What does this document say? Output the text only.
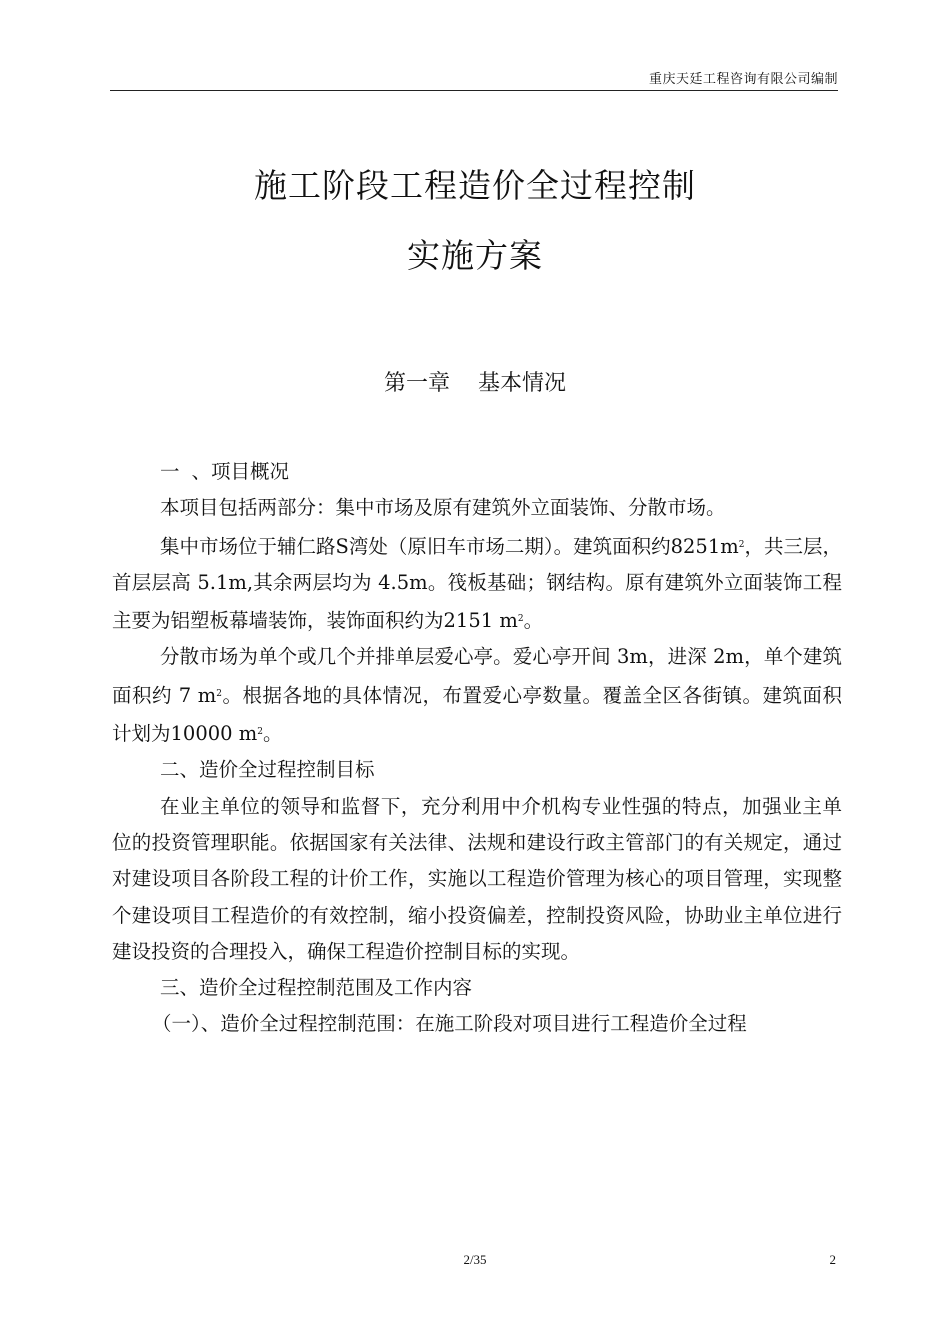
重庆天廷工程咨询有限公司编制
施工阶段工程造价全过程控制
实施方案
第一章 基本情况

一 、项目概况

本项目包括两部分：集中市场及原有建筑外立面装饰、分散市场。

集中市场位于辅仁路S湾处（原旧车市场二期）。建筑面积约$8251m^2$，共三层，首层层高 5.1m,其余两层均为 4.5m。筏板基础；钢结构。原有建筑外立面装饰工程主要为铝塑板幕墙装饰，装饰面积约为2151 $m^2$。

分散市场为单个或几个并排单层爱心亭。爱心亭开间 3m，进深 2m，单个建筑面积约 7 $m^2$。根据各地的具体情况，布置爱心亭数量。覆盖全区各街镇。建筑面积计划为10000 $m^2$。

二、造价全过程控制目标

在业主单位的领导和监督下，充分利用中介机构专业性强的特点，加强业主单位的投资管理职能。依据国家有关法律、法规和建设行政主管部门的有关规定，通过对建设项目各阶段工程的计价工作，实施以工程造价管理为核心的项目管理，实现整个建设项目工程造价的有效控制，缩小投资偏差，控制投资风险，协助业主单位进行建设投资的合理投入，确保工程造价控制目标的实现。

三、造价全过程控制范围及工作内容

（一）、造价全过程控制范围：在施工阶段对项目进行工程造价全过程

2/35	2
